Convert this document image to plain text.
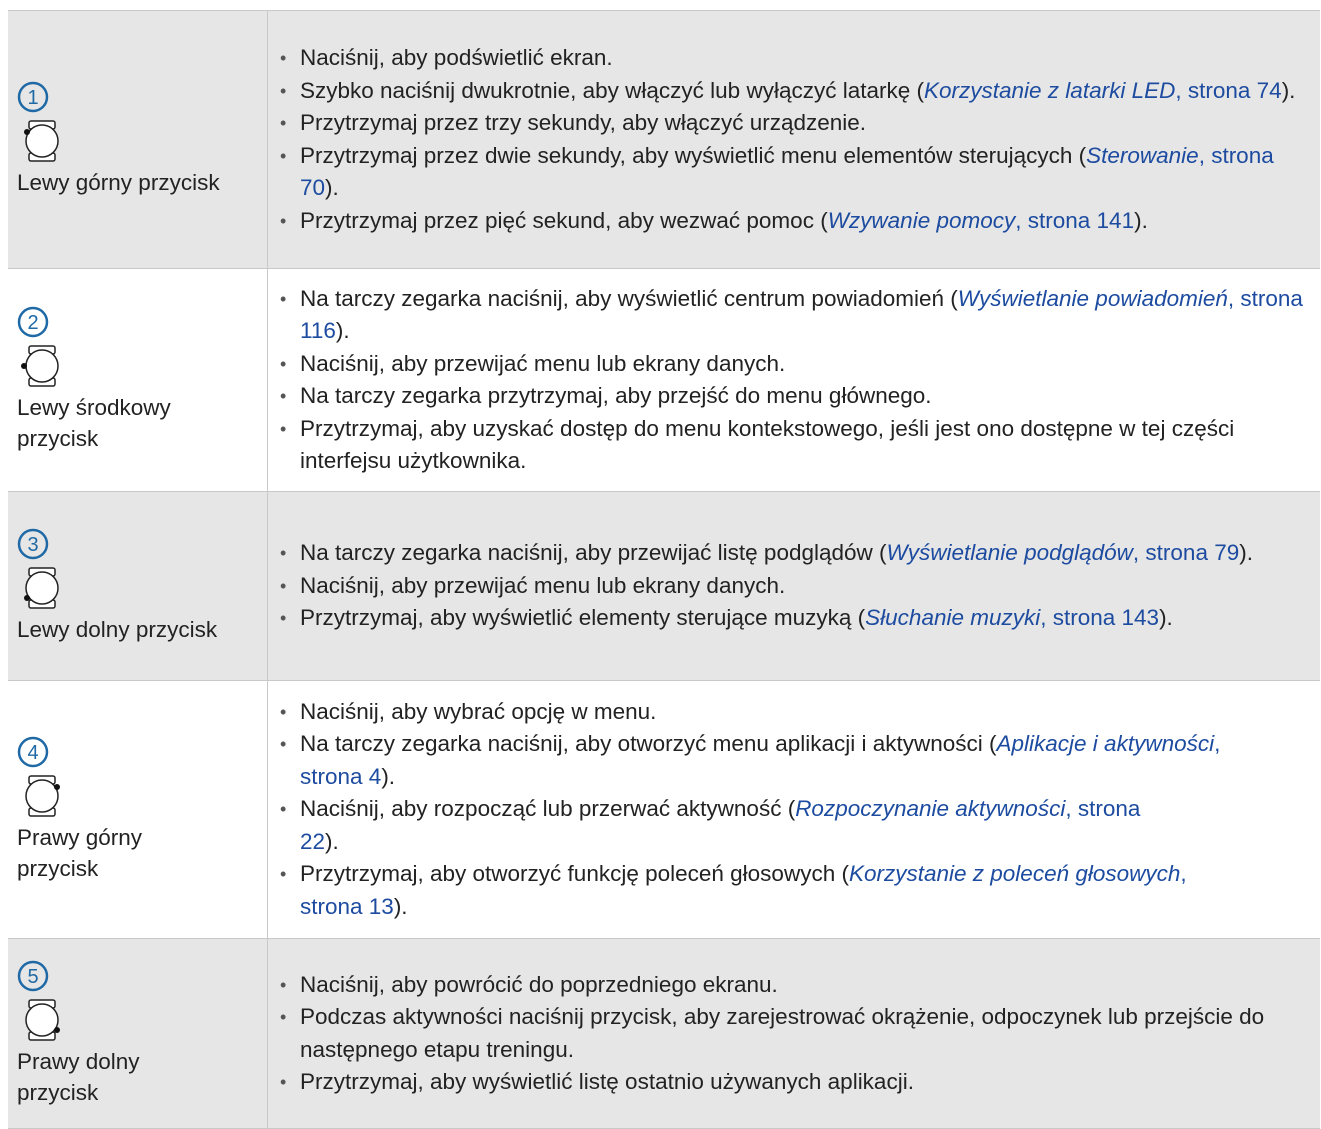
1
Lewy górny przycisk
• Naciśnij, aby podświetlić ekran.
• Szybko naciśnij dwukrotnie, aby włączyć lub wyłączyć latarkę (Korzystanie z latarki LED, strona 74).
• Przytrzymaj przez trzy sekundy, aby włączyć urządzenie.
• Przytrzymaj przez dwie sekundy, aby wyświetlić menu elementów sterujących (Sterowanie, strona 70).
• Przytrzymaj przez pięć sekund, aby wezwać pomoc (Wzywanie pomocy, strona 141).
2
Lewy środkowy przycisk
• Na tarczy zegarka naciśnij, aby wyświetlić centrum powiadomień (Wyświetlanie powiadomień, strona 116).
• Naciśnij, aby przewijać menu lub ekrany danych.
• Na tarczy zegarka przytrzymaj, aby przejść do menu głównego.
• Przytrzymaj, aby uzyskać dostęp do menu kontekstowego, jeśli jest ono dostępne w tej części interfejsu użytkownika.
3
Lewy dolny przycisk
• Na tarczy zegarka naciśnij, aby przewijać listę podglądów (Wyświetlanie podglądów, strona 79).
• Naciśnij, aby przewijać menu lub ekrany danych.
• Przytrzymaj, aby wyświetlić elementy sterujące muzyką (Słuchanie muzyki, strona 143).
4
Prawy górny przycisk
• Naciśnij, aby wybrać opcję w menu.
• Na tarczy zegarka naciśnij, aby otworzyć menu aplikacji i aktywności (Aplikacje i aktywności, strona 4).
• Naciśnij, aby rozpocząć lub przerwać aktywność (Rozpoczynanie aktywności, strona 22).
• Przytrzymaj, aby otworzyć funkcję poleceń głosowych (Korzystanie z poleceń głosowych, strona 13).
5
Prawy dolny przycisk
• Naciśnij, aby powrócić do poprzedniego ekranu.
• Podczas aktywności naciśnij przycisk, aby zarejestrować okrążenie, odpoczynek lub przejście do następnego etapu treningu.
• Przytrzymaj, aby wyświetlić listę ostatnio używanych aplikacji.
